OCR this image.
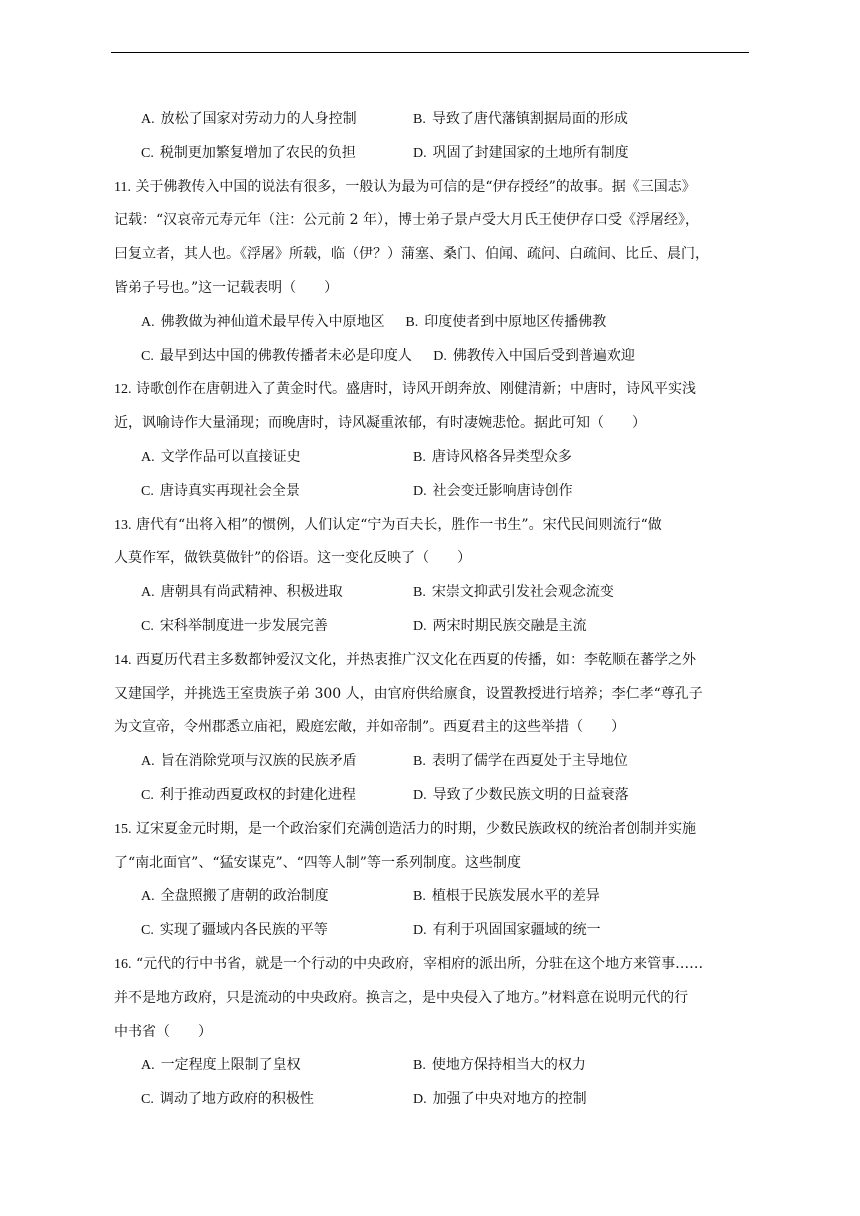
A. 放松了国家对劳动力的人身控制	B. 导致了唐代藩镇割据局面的形成
C. 税制更加繁复增加了农民的负担	D. 巩固了封建国家的土地所有制度
11. 关于佛教传入中国的说法有很多，一般认为最为可信的是“伊存授经”的故事。据《三国志》
记载：“汉哀帝元寿元年（注：公元前 2 年），博士弟子景卢受大月氏王使伊存口受《浮屠经》，
曰复立者，其人也。《浮屠》所载，临（伊？）蒲塞、桑门、伯闻、疏问、白疏间、比丘、晨门，
皆弟子号也。”这一记载表明（　　）
A. 佛教做为神仙道术最早传入中原地区	B. 印度使者到中原地区传播佛教
C. 最早到达中国的佛教传播者未必是印度人	D. 佛教传入中国后受到普遍欢迎
12. 诗歌创作在唐朝进入了黄金时代。盛唐时，诗风开朗奔放、刚健清新；中唐时，诗风平实浅
近，讽喻诗作大量涌现；而晚唐时，诗风凝重浓郁，有时凄婉悲怆。据此可知（　　）
A. 文学作品可以直接证史	B. 唐诗风格各异类型众多
C. 唐诗真实再现社会全景	D. 社会变迁影响唐诗创作
13. 唐代有“出将入相”的惯例，人们认定“宁为百夫长，胜作一书生”。宋代民间则流行“做
人莫作军，做铁莫做针”的俗语。这一变化反映了（　　）
A. 唐朝具有尚武精神、积极进取	B. 宋崇文抑武引发社会观念流变
C. 宋科举制度进一步发展完善	D. 两宋时期民族交融是主流
14. 西夏历代君主多数都钟爱汉文化，并热衷推广汉文化在西夏的传播，如：李乾顺在蕃学之外
又建国学，并挑选王室贵族子弟 300 人，由官府供给廪食，设置教授进行培养；李仁孝“尊孔子
为文宣帝，令州郡悉立庙祀，殿庭宏敞，并如帝制”。西夏君主的这些举措（　　）
A. 旨在消除党项与汉族的民族矛盾	B. 表明了儒学在西夏处于主导地位
C. 利于推动西夏政权的封建化进程	D. 导致了少数民族文明的日益衰落
15. 辽宋夏金元时期，是一个政治家们充满创造活力的时期，少数民族政权的统治者创制并实施
了“南北面官”、“猛安谋克”、“四等人制”等一系列制度。这些制度
A. 全盘照搬了唐朝的政治制度	B. 植根于民族发展水平的差异
C. 实现了疆域内各民族的平等	D. 有利于巩固国家疆域的统一
16. “元代的行中书省，就是一个行动的中央政府，宰相府的派出所，分驻在这个地方来管事……
并不是地方政府，只是流动的中央政府。换言之，是中央侵入了地方。”材料意在说明元代的行
中书省（　　）
A. 一定程度上限制了皇权	B. 使地方保持相当大的权力
C. 调动了地方政府的积极性	D. 加强了中央对地方的控制
